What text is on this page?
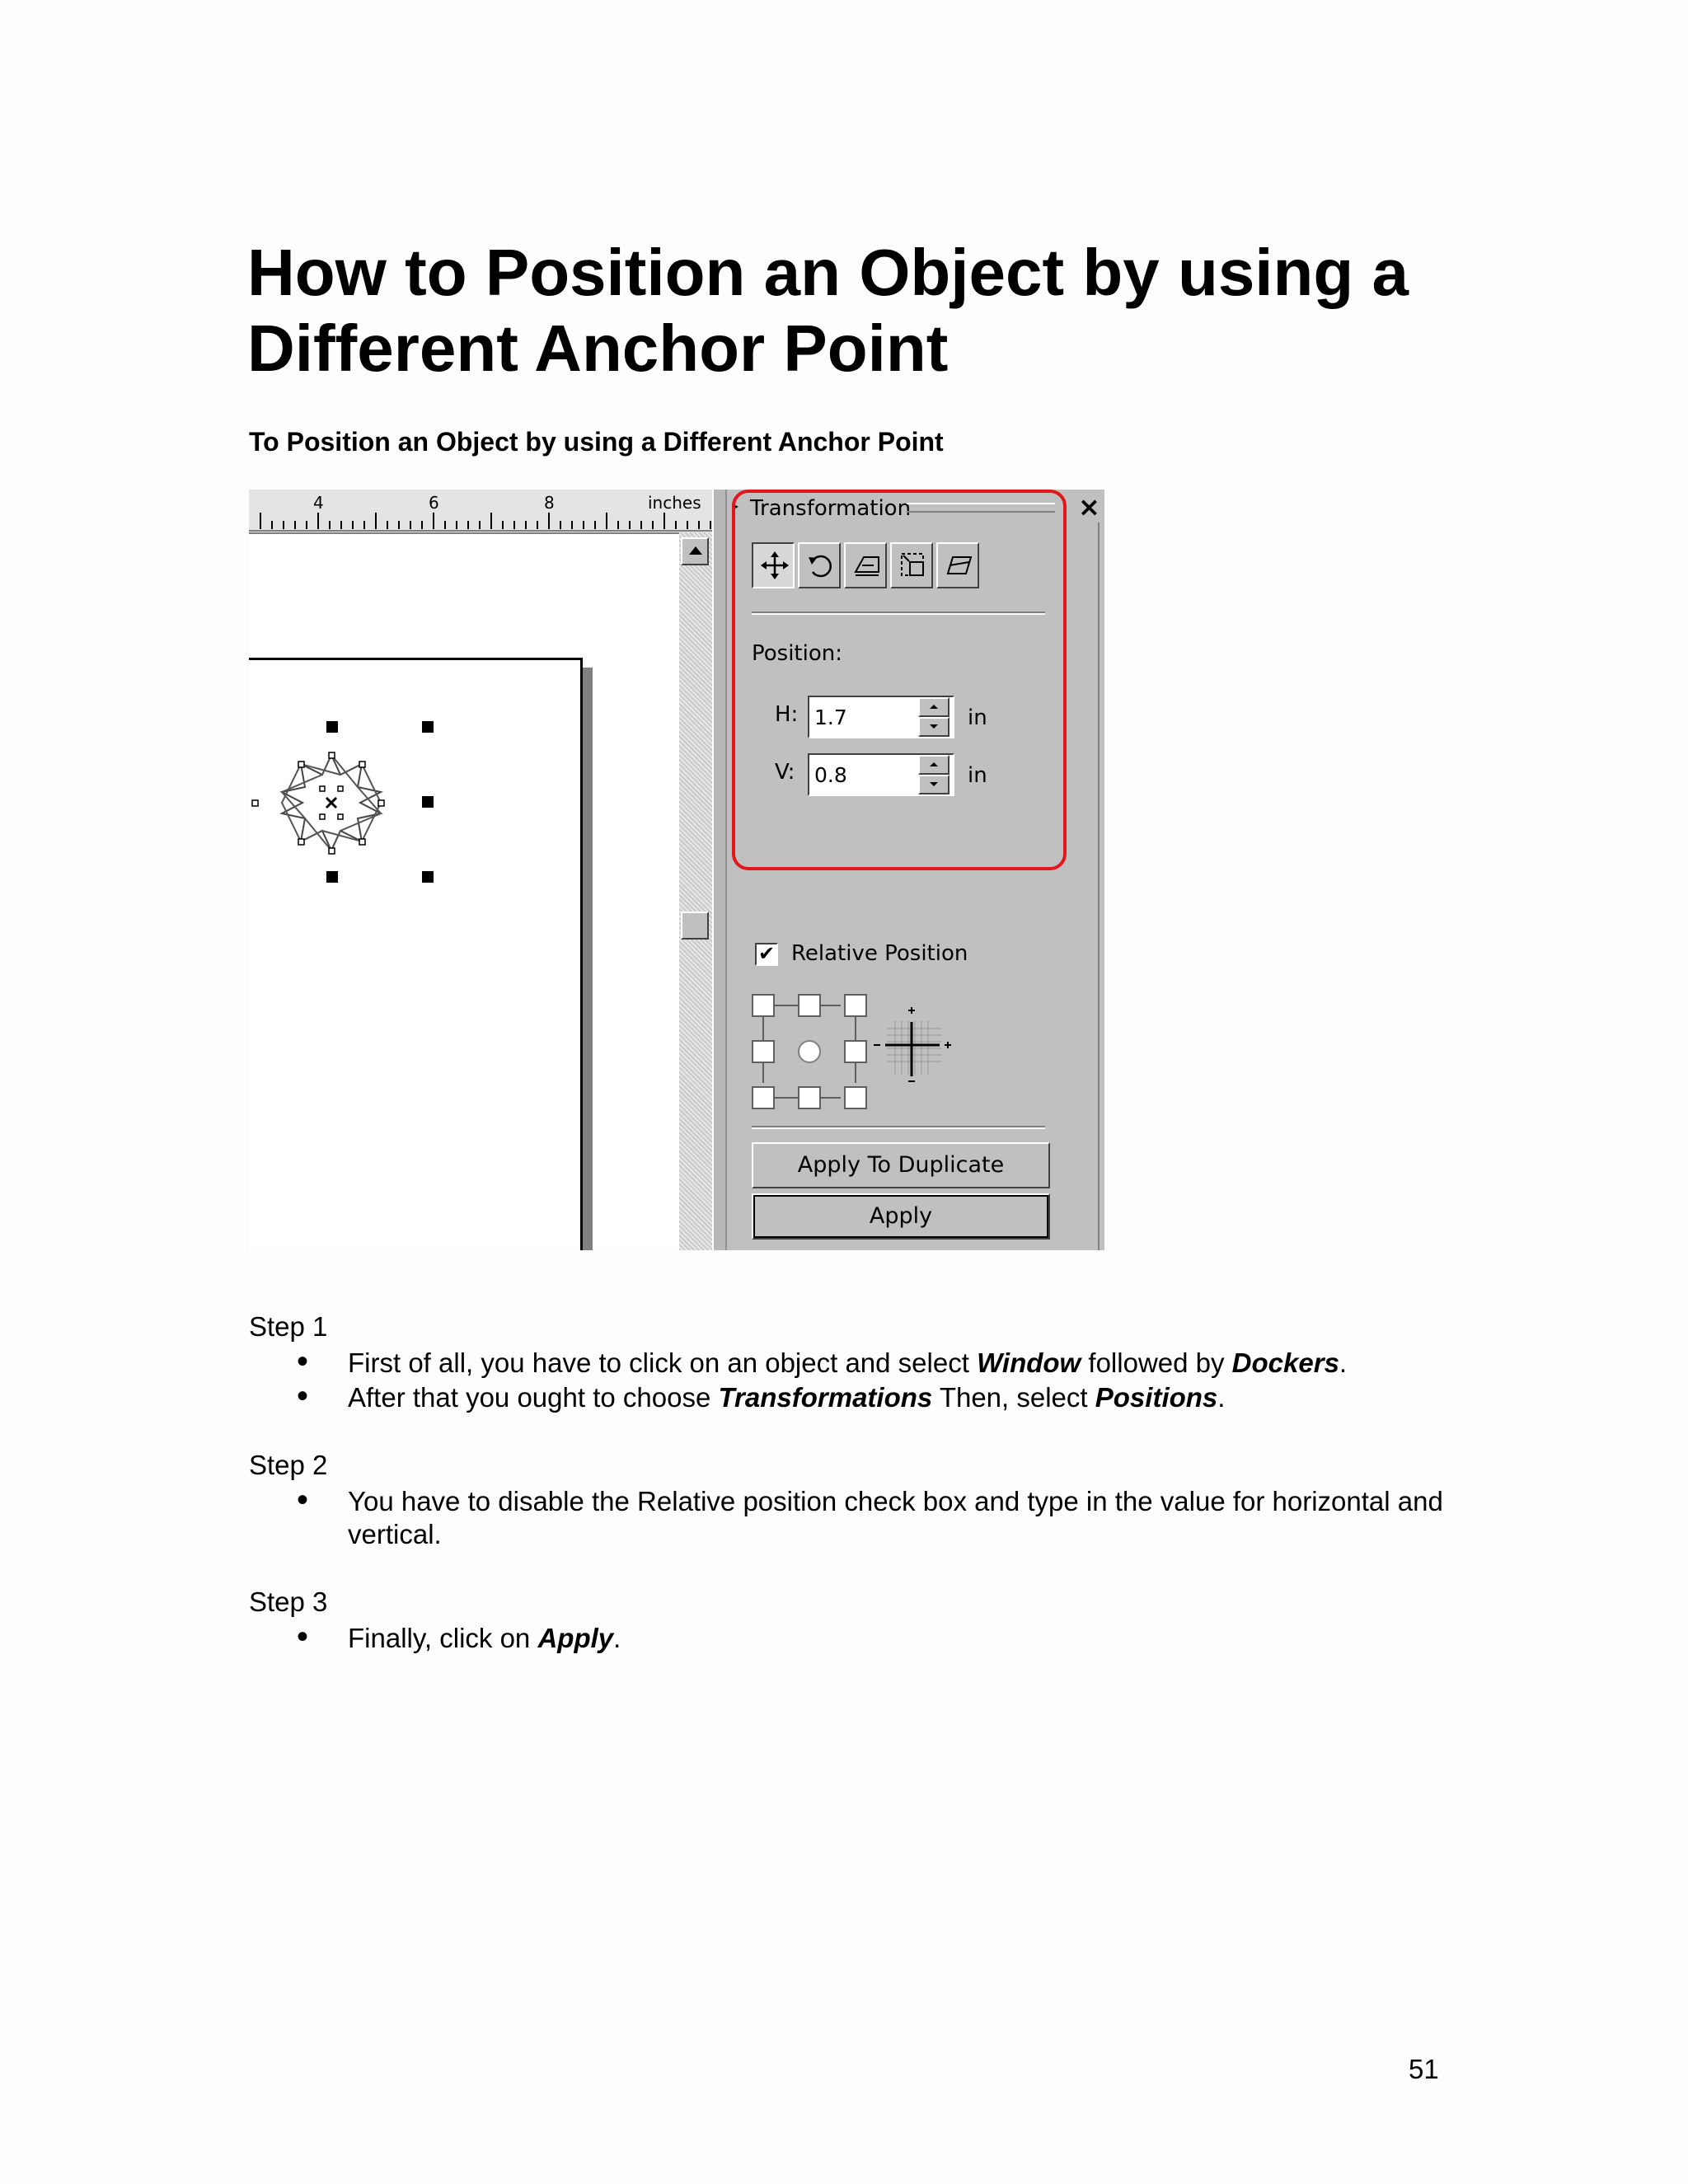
How to Position an Object by using a Different Anchor Point
To Position an Object by using a Different Anchor Point
4	6	8	inches ▸ Transformation	×
Position:
H:
1.7	in
V:
0.8	in
✔ Relative Position
Apply To Duplicate
Apply
Step 1
• First of all, you have to click on an object and select Window followed by Dockers.
• After that you ought to choose Transformations Then, select Positions.
Step 2
• You have to disable the Relative position check box and type in the value for horizontal and vertical.
Step 3
• Finally, click on Apply.
51
